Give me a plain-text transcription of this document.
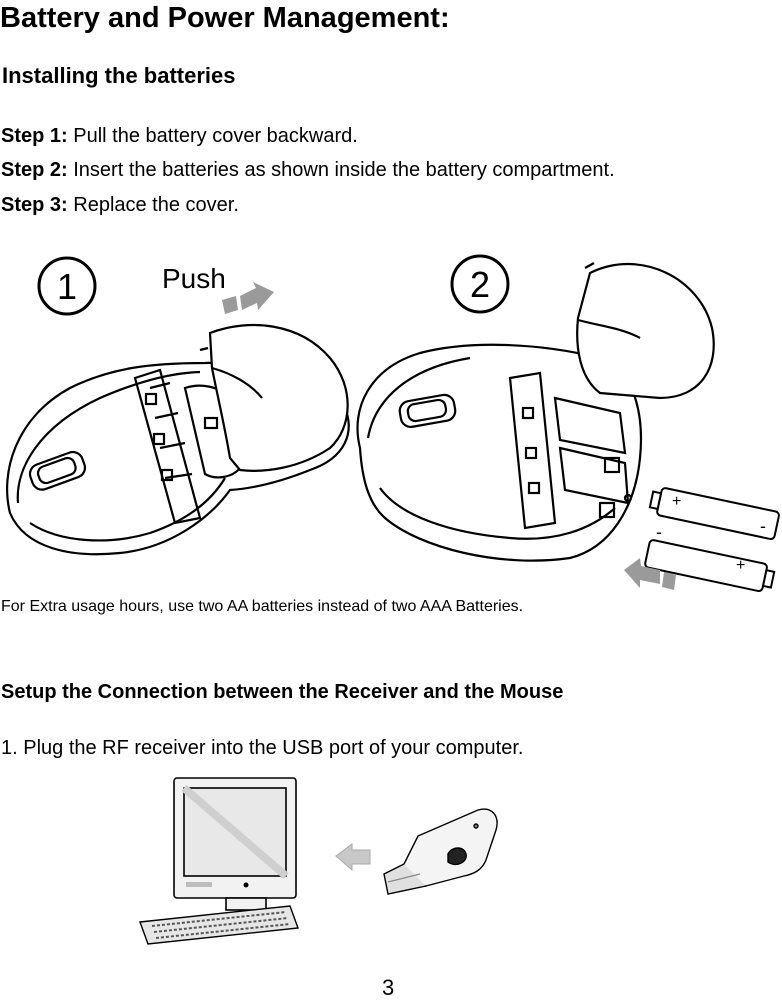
Battery and Power Management:
Installing the batteries
Step 1: Pull the battery cover backward.
Step 2: Insert the batteries as shown inside the battery compartment.
Step 3: Replace the cover.
1	Push	2
+
-
-
+
For Extra usage hours, use two AA batteries instead of two AAA Batteries.
Setup the Connection between the Receiver and the Mouse
1. Plug the RF receiver into the USB port of your computer.
3
